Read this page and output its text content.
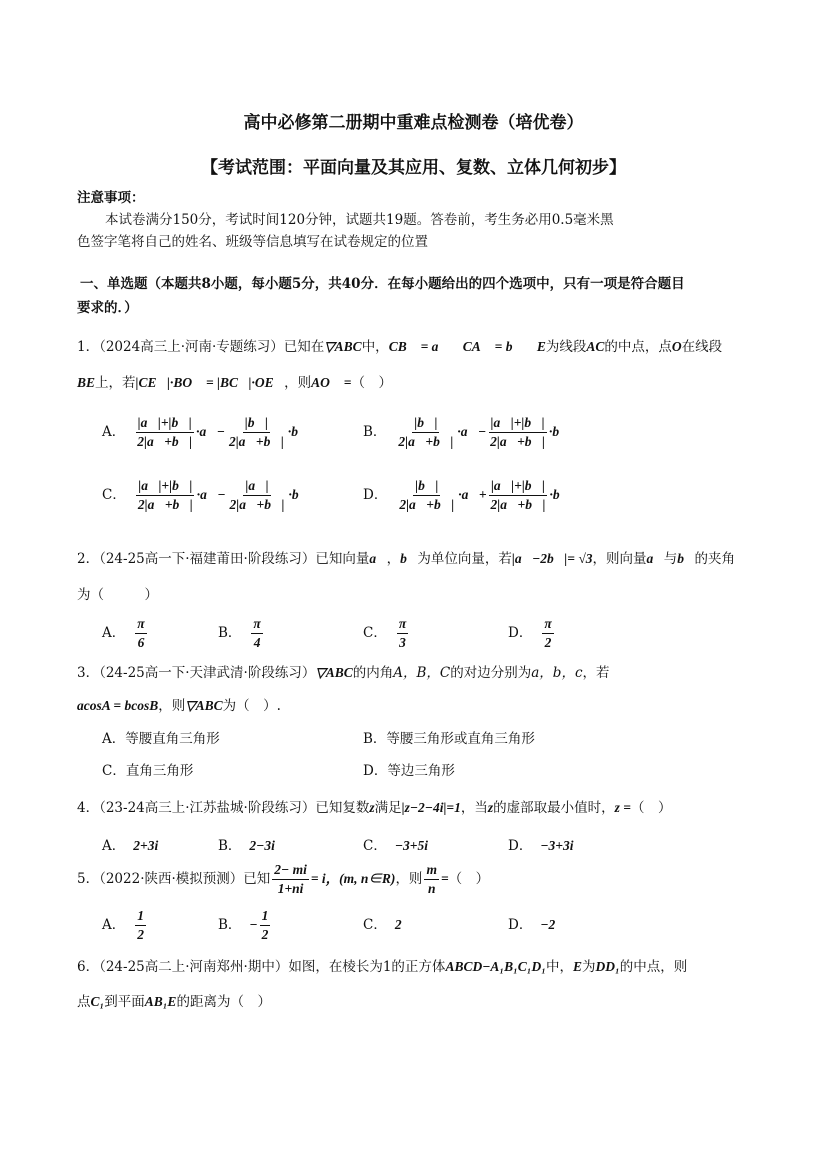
高中必修第二册期中重难点检测卷（培优卷）
【考试范围：平面向量及其应用、复数、立体几何初步】
注意事项：
本试卷满分150分，考试时间120分钟，试题共19题。答卷前，考生务必用0.5毫米黑
色签字笔将自己的姓名、班级等信息填写在试卷规定的位置
一、单选题（本题共8小题，每小题5分，共40分．在每小题给出的四个选项中，只有一项是符合题目
要求的．）
1．（2024高三上·河南·专题练习）已知在▽ABC中，CB⃗ = a⃗ ，CA⃗ = b⃗ ，E为线段AC的中点，点O在线段
BE上，若|CE⃗|·BO⃗ = |BC⃗|·OE⃗，则AO⃗ =（　）
2．（24-25高一下·福建莆田·阶段练习）已知向量a⃗，b⃗为单位向量，若|a⃗−2b⃗|= √3，则向量a⃗与b⃗的夹角
为（　　　）
3．（24-25高一下·天津武清·阶段练习）▽ABC的内角A，B，C的对边分别为a，b，c，若
acosA = bcosB，则▽ABC为（　）.
A．等腰直角三角形	B．等腰三角形或直角三角形
C．直角三角形	D．等边三角形
4．（23-24高三上·江苏盐城·阶段练习）已知复数z满足|z−2−4i|=1，当z的虚部取最小值时，z =（　）
5．（2022·陕西·模拟预测）已知 $\frac{2- mi}{1+ni} = i$，(m, n∈R)，则 $\frac{m}{n}$ =（　）
6．（24-25高二上·河南郑州·期中）如图，在棱长为1的正方体ABCD−A₁B₁C₁D₁中，E为DD₁的中点，则
点C₁到平面AB₁E的距离为（　）
A． $\frac{|a⃗|+|b⃗|}{2|a⃗+b⃗|}$ ·a⃗− $\frac{|b⃗|}{2|a⃗+b⃗|}$ ·b⃗	B． $\frac{|b⃗|}{2|a⃗+b⃗|}$ ·a⃗− $\frac{|a⃗|+|b⃗|}{2|a⃗+b⃗|}$ ·b⃗
C． $\frac{|a⃗|+|b⃗|}{2|a⃗+b⃗|}$ ·a⃗− $\frac{|a⃗|}{2|a⃗+b⃗|}$ ·b⃗	D． $\frac{|b⃗|}{2|a⃗+b⃗|}$ ·a⃗+ $\frac{|a⃗|+|b⃗|}{2|a⃗+b⃗|}$ ·b⃗
A． $\frac{\pi}{6}$	B． $\frac{\pi}{4}$	C． $\frac{\pi}{3}$	D． $\frac{\pi}{2}$
A． 2+3i	B． 2−3i	C． −3+5i	D． −3+3i
A． $\frac{1}{2}$	B． − $\frac{1}{2}$	C． 2	D． −2
